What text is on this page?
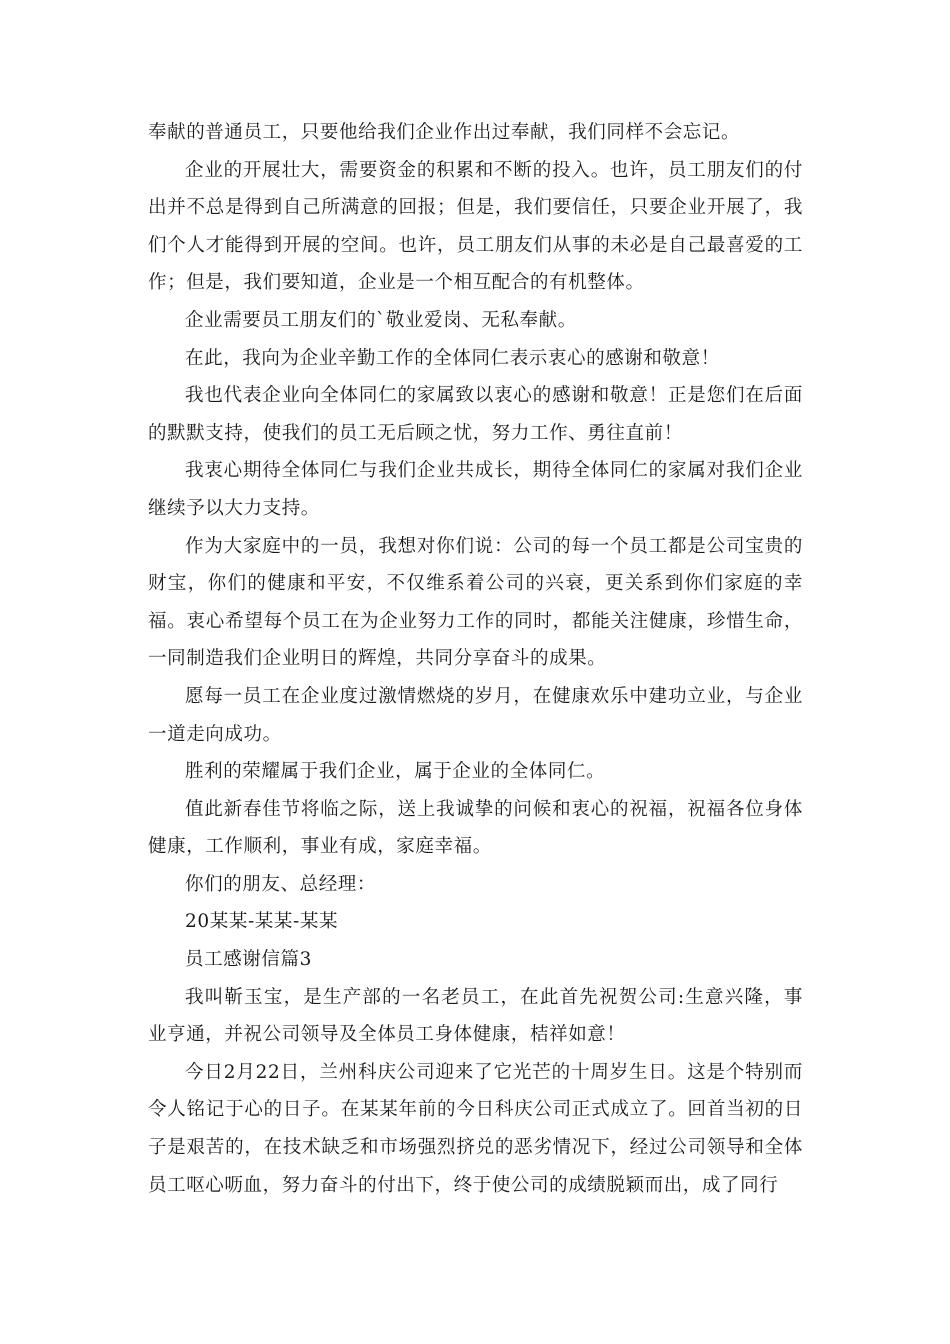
奉献的普通员工，只要他给我们企业作出过奉献，我们同样不会忘记。

企业的开展壮大，需要资金的积累和不断的投入。也许，员工朋友们的付出并不总是得到自己所满意的回报；但是，我们要信任，只要企业开展了，我们个人才能得到开展的空间。也许，员工朋友们从事的未必是自己最喜爱的工作；但是，我们要知道，企业是一个相互配合的有机整体。

企业需要员工朋友们的`敬业爱岗、无私奉献。

在此，我向为企业辛勤工作的全体同仁表示衷心的感谢和敬意！

我也代表企业向全体同仁的家属致以衷心的感谢和敬意！正是您们在后面的默默支持，使我们的员工无后顾之忧，努力工作、勇往直前！

我衷心期待全体同仁与我们企业共成长，期待全体同仁的家属对我们企业继续予以大力支持。

作为大家庭中的一员，我想对你们说：公司的每一个员工都是公司宝贵的财宝，你们的健康和平安，不仅维系着公司的兴衰，更关系到你们家庭的幸福。衷心希望每个员工在为企业努力工作的同时，都能关注健康，珍惜生命，一同制造我们企业明日的辉煌，共同分享奋斗的成果。

愿每一员工在企业度过激情燃烧的岁月，在健康欢乐中建功立业，与企业一道走向成功。

胜利的荣耀属于我们企业，属于企业的全体同仁。

值此新春佳节将临之际，送上我诚挚的问候和衷心的祝福，祝福各位身体健康，工作顺利，事业有成，家庭幸福。

你们的朋友、总经理：

20某某-某某-某某

员工感谢信篇3

我叫靳玉宝，是生产部的一名老员工，在此首先祝贺公司:生意兴隆，事业亨通，并祝公司领导及全体员工身体健康，桔祥如意！

今日2月22日，兰州科庆公司迎来了它光芒的十周岁生日。这是个特别而令人铭记于心的日子。在某某年前的今日科庆公司正式成立了。回首当初的日子是艰苦的，在技术缺乏和市场强烈挤兑的恶劣情况下，经过公司领导和全体员工呕心呖血，努力奋斗的付出下，终于使公司的成绩脱颖而出，成了同行
